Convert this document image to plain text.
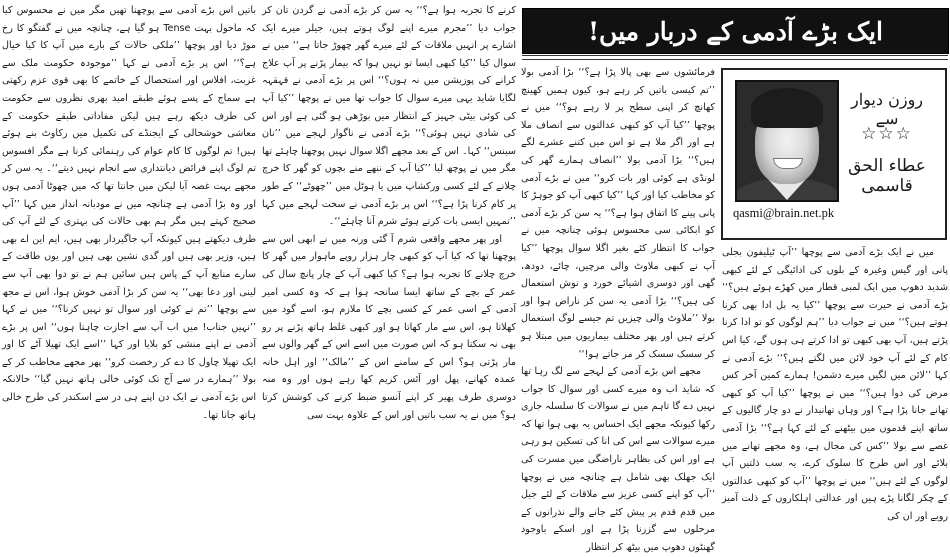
ایک بڑے آدمی کے دربار میں!
روزن دیوار سے
☆☆☆
عطاء الحق قاسمی
qasmi@brain.net.pk

میں نے ایک بڑے آدمی سے پوچھا ’’آپ ٹیلیفون بجلی پانی اور گیس وغیرہ کے بلوں کی ادائیگی کے لئے کبھی شدید دھوپ میں ایک لمبی قطار میں کھڑے ہوئے ہیں؟‘‘ بڑے آدمی نے حیرت سے پوچھا ’’کیا یہ بل ادا بھی کرنا ہوتے ہیں؟‘‘ میں نے جواب دیا ’’ہم لوگوں کو تو ادا کرنا پڑتے ہیں، آپ بھی کبھی تو ادا کرتے ہی ہوں گے، کیا اس کام کے لئے آپ خود لائن میں لگتے ہیں؟‘‘ بڑے آدمی نے کہا ’’لائن میں لگیں میرے دشمن! ہمارے کمین آخر کس مرض کی دوا ہیں؟‘‘ میں نے پوچھا ’’کیا آپ کو کبھی تھانے جانا پڑا ہے؟ اور وہاں تھانیدار نے دو چار گالیوں کے ساتھ اپنے قدموں میں بیٹھنے کے لئے کہا ہے؟‘‘ بڑا آدمی غصے سے بولا ’’کس کی مجال ہے، وہ مجھے تھانے میں بلائے اور اس طرح کا سلوک کرے، یہ سب ذلتیں آپ لوگوں کے لئے ہیں‘‘ میں نے پوچھا ’’آپ کو کبھی عدالتوں کے چکر لگانا پڑے ہیں اور عدالتی اہلکاروں کے ذلت آمیز رویے اور ان کی

فرمائشوں سے بھی پالا پڑا ہے؟‘‘ بڑا آدمی بولا ’’تم کیسی باتیں کر رہے ہو، کیوں ہمیں کھینچ کھانچ کر اپنی سطح پر لا رہے ہو؟‘‘ میں نے پوچھا ’’کیا آپ کو کبھی عدالتوں سے انصاف ملا ہے اور اگر ملا ہے تو اس میں کتنے عشرے لگے ہیں؟‘‘ بڑا آدمی بولا ’’انصاف ہمارے گھر کی لونڈی ہے کوئی اور بات کرو‘‘ میں نے بڑے آدمی کو مخاطب کیا اور کہا ’’کیا کبھی آپ کو جوہڑ کا پانی پینے کا اتفاق ہوا ہے؟‘‘ یہ سن کر بڑے آدمی کو ابکائی سی محسوس ہوئی چنانچہ میں نے جواب کا انتظار کئے بغیر اگلا سوال پوچھا ’’کیا آپ نے کبھی ملاوٹ والی مرچیں، چائے، دودھ، گھی اور دوسری اشیائے خورد و نوش استعمال کی ہیں؟‘‘ بڑا آدمی یہ سن کر ناراض ہوا اور بولا ’’ملاوٹ والی چیزیں تم جیسے لوگ استعمال کرتے ہیں اور پھر مختلف بیماریوں میں مبتلا ہو کر سسک سسک کر مر جاتے ہو!‘‘

مجھے اس بڑے آدمی کے لہجے سے لگ رہا تھا کہ شاید اب وہ میرے کسی اور سوال کا جواب نہیں دے گا تاہم میں نے سوالات کا سلسلہ جاری رکھا کیونکہ مجھے ایک احساس یہ بھی ہوا تھا کہ میرے سوالات سے اس کی انا کی تسکین ہو رہی ہے اور اس کی بظاہر ناراضگی میں مسرت کی ایک جھلک بھی شامل ہے چنانچہ میں نے پوچھا ’’آپ کو اپنے کسی عزیز سے ملاقات کے لئے جیل میں قدم قدم پر پیش کئے جانے والے نذرانوں کے مرحلوں سے گزرنا پڑا ہے اور اسکے باوجود گھنٹوں دھوپ میں بیٹھ کر انتظار

کرنے کا تجربہ ہوا ہے؟‘‘ یہ سن کر بڑے آدمی نے گردن تان کر جواب دیا ’’مجرم میرے اپنے لوگ ہوتے ہیں، جیلر میرے ایک اشارے پر انہیں ملاقات کے لئے میرے گھر چھوڑ جاتا ہے‘‘ میں نے سوال کیا ’’کیا کبھی ایسا تو نہیں ہوا کہ بیمار پڑنے پر آپ علاج کرانے کی پوزیشن میں نہ ہوں؟‘‘ اس پر بڑے آدمی نے قہقہہ لگایا شاید یہی میرے سوال کا جواب تھا میں نے پوچھا ’’کیا آپ کی کوئی بیٹی جہیز کے انتظار میں بوڑھی ہو گئی ہے اور اس کی شادی نہیں ہوئی؟‘‘ بڑے آدمی نے ناگوار لہجے میں ’’نان سینس‘‘ کہا۔ اس کے بعد مجھے اگلا سوال نہیں پوچھنا چاہئے تھا مگر میں نے پوچھ لیا ’’کیا آپ کے ننھے منے بچوں کو گھر کا خرچ چلانے کے لئے کسی ورکشاپ میں یا ہوٹل میں ’’چھوٹے‘‘ کے طور پر کام کرنا پڑا ہے؟‘‘ اس پر بڑے آدمی نے سخت لہجے میں کہا ’’تمہیں ایسی بات کرتے ہوئے شرم آنا چاہئے‘‘۔

اور پھر مجھے واقعی شرم آ گئی ورنہ میں نے ابھی اس سے پوچھنا تھا کہ کیا آپ کو کبھی چار ہزار روپے ماہوار میں گھر کا خرچ چلانے کا تجربہ ہوا ہے؟ کیا کبھی آپ کے چار پانچ سال کی عمر کے بچے کے ساتھ ایسا سانحہ ہوا ہے کہ وہ کسی امیر آدمی کے اسی عمر کے کسی بچے کا ملازم ہو، اسے گود میں کھلاتا ہو، اس سے مار کھاتا ہو اور کبھی غلط ہاتھ پڑنے پر رو بھی نہ سکتا ہو کہ اس صورت میں اسے اس کے گھر والوں سے مار پڑتی ہو؟ اس کے سامنے اس کے ’’مالک‘‘ اور اہل خانہ عمدہ کھانے، پھل اور آئس کریم کھا رہے ہوں اور وہ منہ دوسری طرف پھیر کر اپنے آنسو ضبط کرنے کی کوشش کرتا ہو؟ میں نے یہ سب باتیں اور اس کے علاوہ بہت سی

باتیں اس بڑے آدمی سے پوچھنا تھیں مگر میں نے محسوس کیا کہ ماحول بہت Tense ہو گیا ہے، چنانچہ میں نے گفتگو کا رخ موڑ دیا اور پوچھا ’’ملکی حالات کے بارے میں آپ کا کیا خیال ہے؟‘‘ اس پر بڑے آدمی نے کہا ’’موجودہ حکومت ملک سے غربت، افلاس اور استحصال کے خاتمے کا بھی قوی عزم رکھتی ہے سماج کے پسے ہوئے طبقے امید بھری نظروں سے حکومت کی طرف دیکھ رہے ہیں لیکن مفاداتی طبقے حکومت کے معاشی خوشحالی کے ایجنڈے کی تکمیل میں رکاوٹ بنے ہوئے ہیں! تم لوگوں کا کام عوام کی رہنمائی کرنا ہے مگر افسوس تم لوگ اپنے فرائض دیانتداری سے انجام نہیں دیتے‘‘۔ یہ سن کر مجھے بہت غصہ آیا لیکن میں جانتا تھا کہ میں چھوٹا آدمی ہوں اور وہ بڑا آدمی ہے چنانچہ میں نے مودبانہ انداز میں کہا ’’آپ صحیح کہتے ہیں مگر ہم بھی حالات کی بہتری کے لئے آپ کی طرف دیکھتے ہیں کیونکہ آپ جاگیردار بھی ہیں، ایم این اے بھی ہیں، وزیر بھی ہیں اور گدی نشین بھی ہیں اور یوں طاقت کے سارے منابع آپ کے پاس ہیں سائیں ہم نے تو دوا بھی آپ سے لینی اور دعا بھی‘‘ یہ سن کر بڑا آدمی خوش ہوا، اس نے مجھ سے پوچھا ’’تم نے کوئی اور سوال تو نہیں کرنا؟‘‘ میں نے کہا ’’نہیں جناب! میں اب آپ سے اجازت چاہتا ہوں‘‘ اس پر بڑے آدمی نے اپنے منشی کو بلایا اور کہا ’’اسے ایک تھیلا آٹے کا اور ایک تھیلا چاول کا دے کر رخصت کرو‘‘ پھر مجھے مخاطب کر کے بولا ’’ہمارے در سے آج تک کوئی خالی ہاتھ نہیں گیا‘‘ حالانکہ اس بڑے آدمی نے ایک دن اپنے ہی در سے اسکندر کی طرح خالی ہاتھ جانا تھا۔
